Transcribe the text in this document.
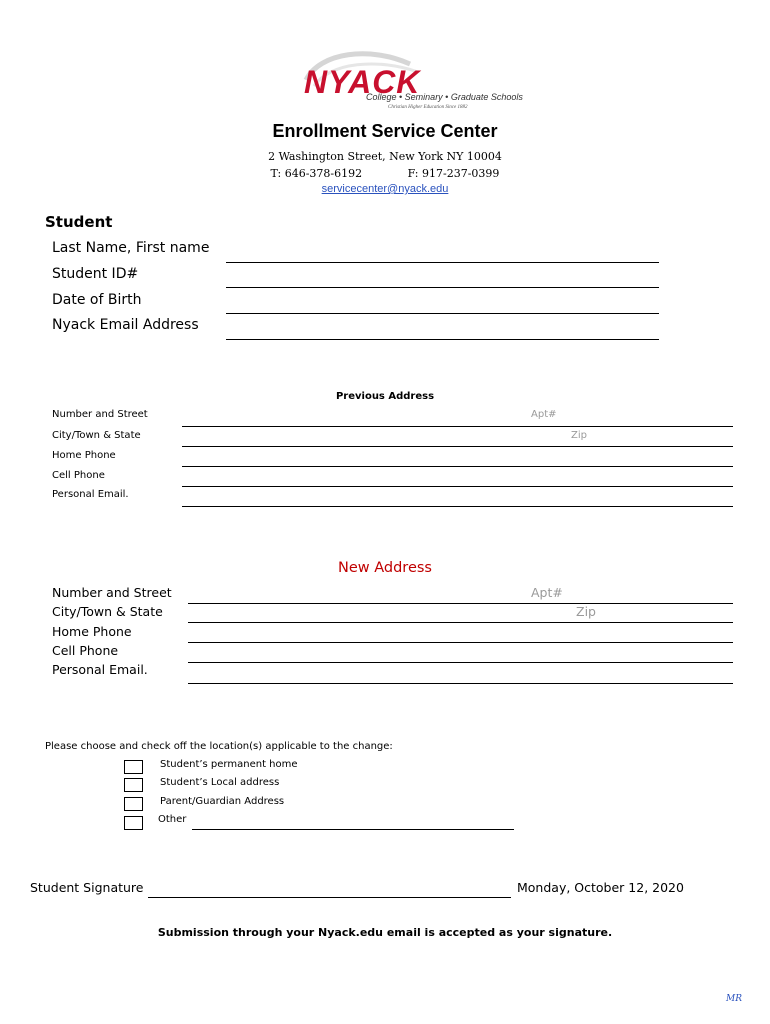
NYACK
College • Seminary • Graduate Schools
Christian Higher Education Since 1882
Enrollment Service Center
2 Washington Street, New York NY 10004
T: 646-378-6192             F: 917-237-0399
servicecenter@nyack.edu
Student
Last Name, First name
Student ID#
Date of Birth
Nyack Email Address
Previous Address
Number and Street
City/Town & State
Home Phone
Cell Phone
Personal Email.
Apt#
Zip
New Address
Number and Street
City/Town & State
Home Phone
Cell Phone
Personal Email.
Apt#
Zip
Please choose and check off the location(s) applicable to the change:
Student’s permanent home
Student’s Local address
Parent/Guardian Address
Other
Student Signature	Monday, October 12, 2020
Submission through your Nyack.edu email is accepted as your signature.
MR
